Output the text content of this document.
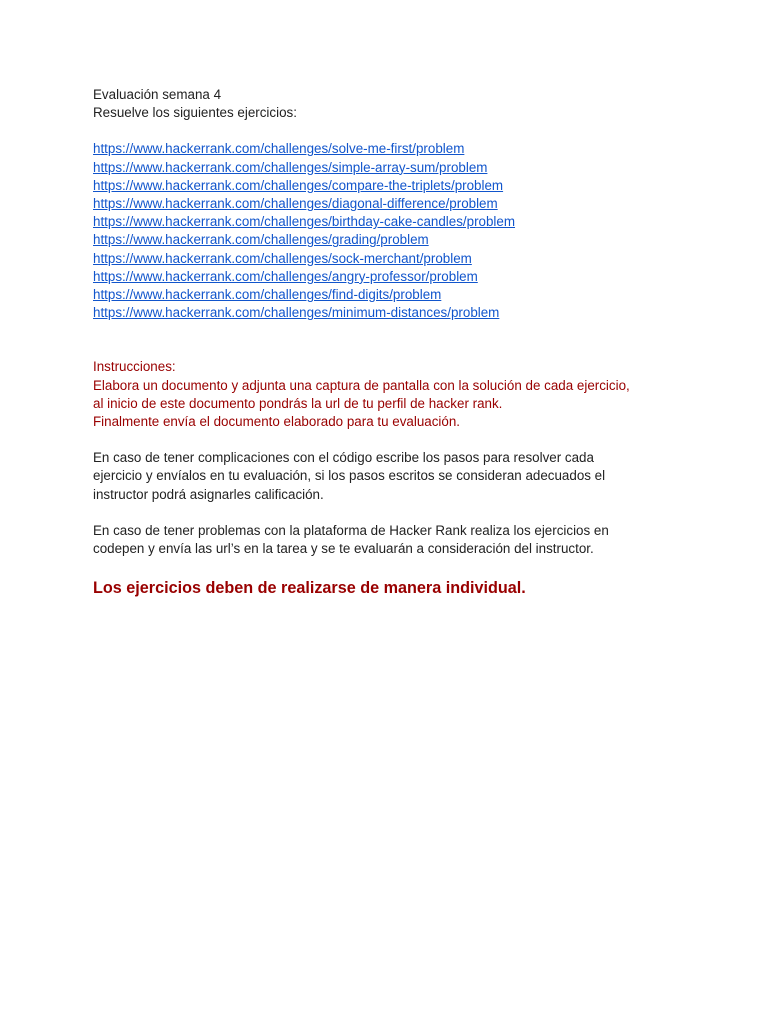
Evaluación semana 4
Resuelve los siguientes ejercicios:
https://www.hackerrank.com/challenges/solve-me-first/problem
https://www.hackerrank.com/challenges/simple-array-sum/problem
https://www.hackerrank.com/challenges/compare-the-triplets/problem
https://www.hackerrank.com/challenges/diagonal-difference/problem
https://www.hackerrank.com/challenges/birthday-cake-candles/problem
https://www.hackerrank.com/challenges/grading/problem
https://www.hackerrank.com/challenges/sock-merchant/problem
https://www.hackerrank.com/challenges/angry-professor/problem
https://www.hackerrank.com/challenges/find-digits/problem
https://www.hackerrank.com/challenges/minimum-distances/problem
Instrucciones:
Elabora un documento y adjunta una captura de pantalla con la solución de cada ejercicio,
al inicio de este documento pondrás la url de tu perfil de hacker rank.
Finalmente envía el documento elaborado para tu evaluación.
En caso de tener complicaciones con el código escribe los pasos para resolver cada
ejercicio y envíalos en tu evaluación, si los pasos escritos se consideran adecuados el
instructor podrá asignarles calificación.
En caso de tener problemas con la plataforma de Hacker Rank realiza los ejercicios en
codepen y envía las url’s en la tarea y se te evaluarán a consideración del instructor.
Los ejercicios deben de realizarse de manera individual.
